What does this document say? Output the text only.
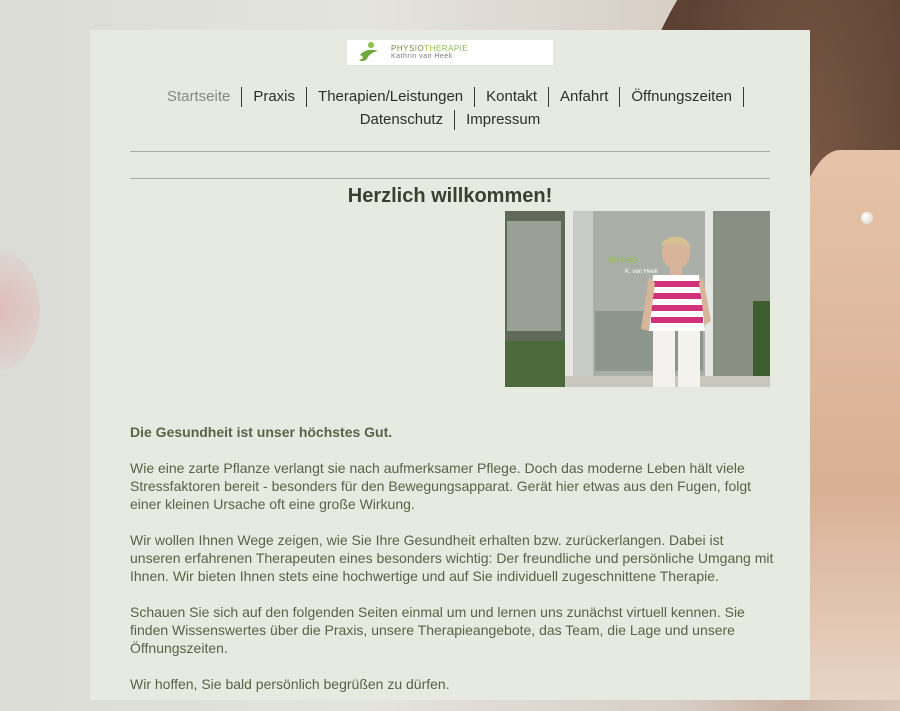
PHYSIOTHERAPIE
Kathrin van Heek
Startseite	Praxis	Therapien/Leistungen	Kontakt	Anfahrt	Öffnungszeiten
Datenschutz	Impressum
Herzlich willkommen!
PHYSIO
K. van Heek

Die Gesundheit ist unser höchstes Gut.

Wie eine zarte Pflanze verlangt sie nach aufmerksamer Pflege. Doch das moderne Leben hält viele Stressfaktoren bereit - besonders für den Bewegungsapparat. Gerät hier etwas aus den Fugen, folgt einer kleinen Ursache oft eine große Wirkung.

Wir wollen Ihnen Wege zeigen, wie Sie Ihre Gesundheit erhalten bzw. zurückerlangen. Dabei ist unseren erfahrenen Therapeuten eines besonders wichtig: Der freundliche und persönliche Umgang mit Ihnen. Wir bieten Ihnen stets eine hochwertige und auf Sie individuell zugeschnittene Therapie.

Schauen Sie sich auf den folgenden Seiten einmal um und lernen uns zunächst virtuell kennen. Sie finden Wissenswertes über die Praxis, unsere Therapieangebote, das Team, die Lage und unsere Öffnungszeiten.

Wir hoffen, Sie bald persönlich begrüßen zu dürfen.
